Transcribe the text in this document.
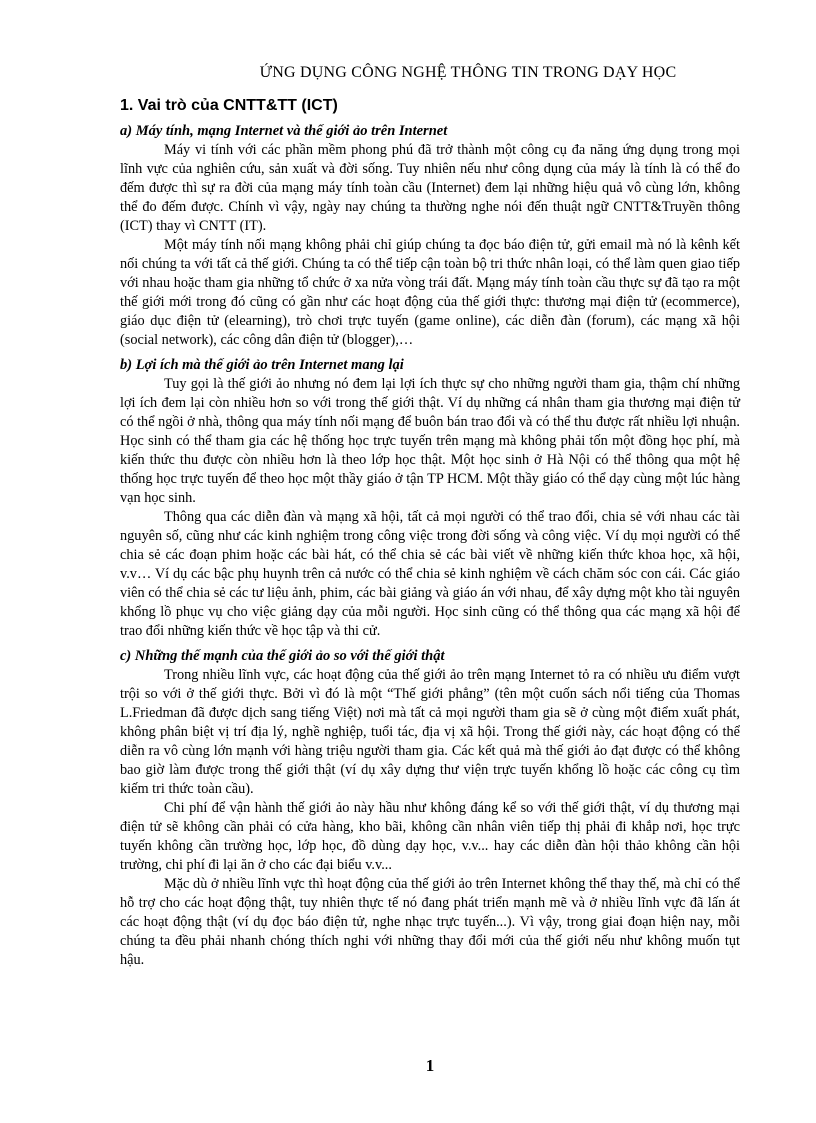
ỨNG DỤNG CÔNG NGHỆ THÔNG TIN TRONG DẠY HỌC
1. Vai trò của CNTT&TT (ICT)
a) Máy tính, mạng Internet và thế giới ảo trên Internet

Máy vi tính với các phần mềm phong phú đã trở thành một công cụ đa năng ứng dụng trong mọi lĩnh vực của nghiên cứu, sản xuất và đời sống. Tuy nhiên nếu như công dụng của máy là tính là có thể đo đếm được thì sự ra đời của mạng máy tính toàn cầu (Internet) đem lại những hiệu quả vô cùng lớn, không thể đo đếm được. Chính vì vậy, ngày nay chúng ta thường nghe nói đến thuật ngữ CNTT&Truyền thông (ICT) thay vì CNTT (IT).

Một máy tính nối mạng không phải chỉ giúp chúng ta đọc báo điện tử, gửi email mà nó là kênh kết nối chúng ta với tất cả thế giới. Chúng ta có thể tiếp cận toàn bộ tri thức nhân loại, có thể làm quen giao tiếp với nhau hoặc tham gia những tổ chức ở xa nửa vòng trái đất. Mạng máy tính toàn cầu thực sự đã tạo ra một thế giới mới trong đó cũng có gần như các hoạt động của thế giới thực: thương mại điện tử (ecommerce), giáo dục điện tử (elearning), trò chơi trực tuyến (game online), các diễn đàn (forum), các mạng xã hội (social network), các công dân điện tử (blogger),…

b) Lợi ích mà thế giới ảo trên Internet mang lại

Tuy gọi là thế giới ảo nhưng nó đem lại lợi ích thực sự cho những người tham gia, thậm chí những lợi ích đem lại còn nhiều hơn so với trong thế giới thật. Ví dụ những cá nhân tham gia thương mại điện tử có thể ngồi ở nhà, thông qua máy tính nối mạng để buôn bán trao đổi và có thể thu được rất nhiều lợi nhuận. Học sinh có thể tham gia các hệ thống học trực tuyến trên mạng mà không phải tốn một đồng học phí, mà kiến thức thu được còn nhiều hơn là theo lớp học thật. Một học sinh ở Hà Nội có thể thông qua một hệ thống học trực tuyến để theo học một thầy giáo ở tận TP HCM. Một thầy giáo có thể dạy cùng một lúc hàng vạn học sinh.

Thông qua các diễn đàn và mạng xã hội, tất cả mọi người có thể trao đổi, chia sẻ với nhau các tài nguyên số, cũng như các kinh nghiệm trong công việc trong đời sống và công việc. Ví dụ mọi người có thể chia sẻ các đoạn phim hoặc các bài hát, có thể chia sẻ các bài viết về những kiến thức khoa học, xã hội, v.v… Ví dụ các bậc phụ huynh trên cả nước có thể chia sẻ kinh nghiệm về cách chăm sóc con cái. Các giáo viên có thể chia sẻ các tư liệu ảnh, phim, các bài giảng và giáo án với nhau, để xây dựng một kho tài nguyên khổng lồ phục vụ cho việc giảng dạy của mỗi người. Học sinh cũng có thể thông qua các mạng xã hội để trao đổi những kiến thức về học tập và thi cử.

c) Những thế mạnh của thế giới ảo so với thế giới thật

Trong nhiều lĩnh vực, các hoạt động của thế giới ảo trên mạng Internet tỏ ra có nhiều ưu điểm vượt trội so với ở thế giới thực. Bởi vì đó là một “Thế giới phẳng” (tên một cuốn sách nổi tiếng của Thomas L.Friedman đã được dịch sang tiếng Việt) nơi mà tất cả mọi người tham gia sẽ ở cùng một điểm xuất phát, không phân biệt vị trí địa lý, nghề nghiệp, tuổi tác, địa vị xã hội. Trong thế giới này, các hoạt động có thể diễn ra vô cùng lớn mạnh với hàng triệu người tham gia. Các kết quả mà thế giới ảo đạt được có thể không bao giờ làm được trong thế giới thật (ví dụ xây dựng thư viện trực tuyến khổng lồ hoặc các công cụ tìm kiếm tri thức toàn cầu).

Chi phí để vận hành thế giới ảo này hầu như không đáng kể so với thế giới thật, ví dụ thương mại điện tử sẽ không cần phải có cửa hàng, kho bãi, không cần nhân viên tiếp thị phải đi khắp nơi, học trực tuyến không cần trường học, lớp học, đồ dùng dạy học, v.v... hay các diễn đàn hội thảo không cần hội trường, chi phí đi lại ăn ở cho các đại biểu v.v...

Mặc dù ở nhiều lĩnh vực thì hoạt động của thế giới ảo trên Internet không thể thay thế, mà chỉ có thể hỗ trợ cho các hoạt động thật, tuy nhiên thực tế nó đang phát triển mạnh mẽ và ở nhiều lĩnh vực đã lấn át các hoạt động thật (ví dụ đọc báo điện tử, nghe nhạc trực tuyến...). Vì vậy, trong giai đoạn hiện nay, mỗi chúng ta đều phải nhanh chóng thích nghi với những thay đổi mới của thế giới nếu như không muốn tụt hậu.

1
